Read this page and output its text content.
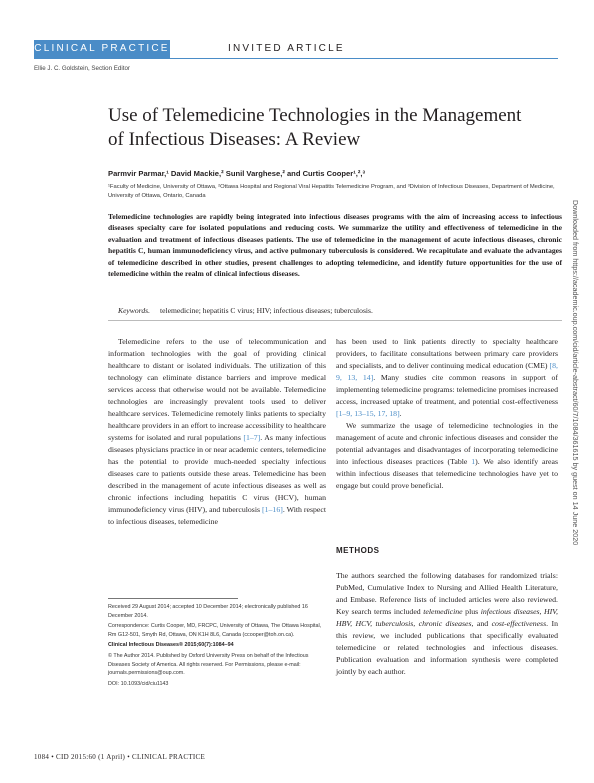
CLINICAL PRACTICE	INVITED ARTICLE
Ellie J. C. Goldstein, Section Editor
Use of Telemedicine Technologies in the Management of Infectious Diseases: A Review
Parmvir Parmar,¹ David Mackie,² Sunil Varghese,² and Curtis Cooper¹,²,³
¹Faculty of Medicine, University of Ottawa, ²Ottawa Hospital and Regional Viral Hepatitis Telemedicine Program, and ³Division of Infectious Diseases, Department of Medicine, University of Ottawa, Ontario, Canada
Telemedicine technologies are rapidly being integrated into infectious diseases programs with the aim of increasing access to infectious diseases specialty care for isolated populations and reducing costs. We summarize the utility and effectiveness of telemedicine in the evaluation and treatment of infectious diseases patients. The use of telemedicine in the management of acute infectious diseases, chronic hepatitis C, human immunodeficiency virus, and active pulmonary tuberculosis is considered. We recapitulate and evaluate the advantages of telemedicine described in other studies, present challenges to adopting telemedicine, and identify future opportunities for the use of telemedicine within the realm of clinical infectious diseases.
Keywords. telemedicine; hepatitis C virus; HIV; infectious diseases; tuberculosis.

Telemedicine refers to the use of telecommunication and information technologies with the goal of providing clinical healthcare to distant or isolated individuals. The utilization of this technology can eliminate distance barriers and improve medical services access that otherwise would not be available. Telemedicine technologies are increasingly prevalent tools used to deliver healthcare services. Telemedicine remotely links patients to specialty healthcare providers in an effort to increase accessibility to healthcare systems for isolated and rural populations [1–7]. As many infectious diseases physicians practice in or near academic centers, telemedicine has the potential to provide much-needed specialty infectious diseases care to patients outside these areas. Telemedicine has been described in the management of acute infectious diseases as well as chronic infections including hepatitis C virus (HCV), human immunodeficiency virus (HIV), and tuberculosis [1–16]. With respect to infectious diseases, telemedicine

has been used to link patients directly to specialty healthcare providers, to facilitate consultations between primary care providers and specialists, and to deliver continuing medical education (CME) [8, 9, 13, 14]. Many studies cite common reasons in support of implementing telemedicine programs: telemedicine promises increased access, increased uptake of treatment, and potential cost-effectiveness [1–9, 13–15, 17, 18].

We summarize the usage of telemedicine technologies in the management of acute and chronic infectious diseases and consider the potential advantages and disadvantages of incorporating telemedicine into infectious diseases practices (Table 1). We also identify areas within infectious diseases that telemedicine technologies have yet to engage but could prove beneficial.

METHODS

The authors searched the following databases for randomized trials: PubMed, Cumulative Index to Nursing and Allied Health Literature, and Embase. Reference lists of included articles were also reviewed. Key search terms included telemedicine plus infectious diseases, HIV, HBV, HCV, tuberculosis, chronic diseases, and cost-effectiveness. In this review, we included publications that specifically evaluated telemedicine or related technologies and infectious diseases. Publication evaluation and information synthesis were completed jointly by each author.

Received 29 August 2014; accepted 10 December 2014; electronically published 16 December 2014.

Correspondence: Curtis Cooper, MD, FRCPC, University of Ottawa, The Ottawa Hospital, Rm G12-501, Smyth Rd, Ottawa, ON K1H 8L6, Canada (ccooper@toh.on.ca).

Clinical Infectious Diseases® 2015;60(7):1084–94

© The Author 2014. Published by Oxford University Press on behalf of the Infectious Diseases Society of America. All rights reserved. For Permissions, please e-mail: journals.permissions@oup.com.

DOI: 10.1093/cid/ciu1143

1084 • CID 2015:60 (1 April) • CLINICAL PRACTICE
Downloaded from https://academic.oup.com/cid/article-abstract/60/7/1084/361615 by guest on 14 June 2020
